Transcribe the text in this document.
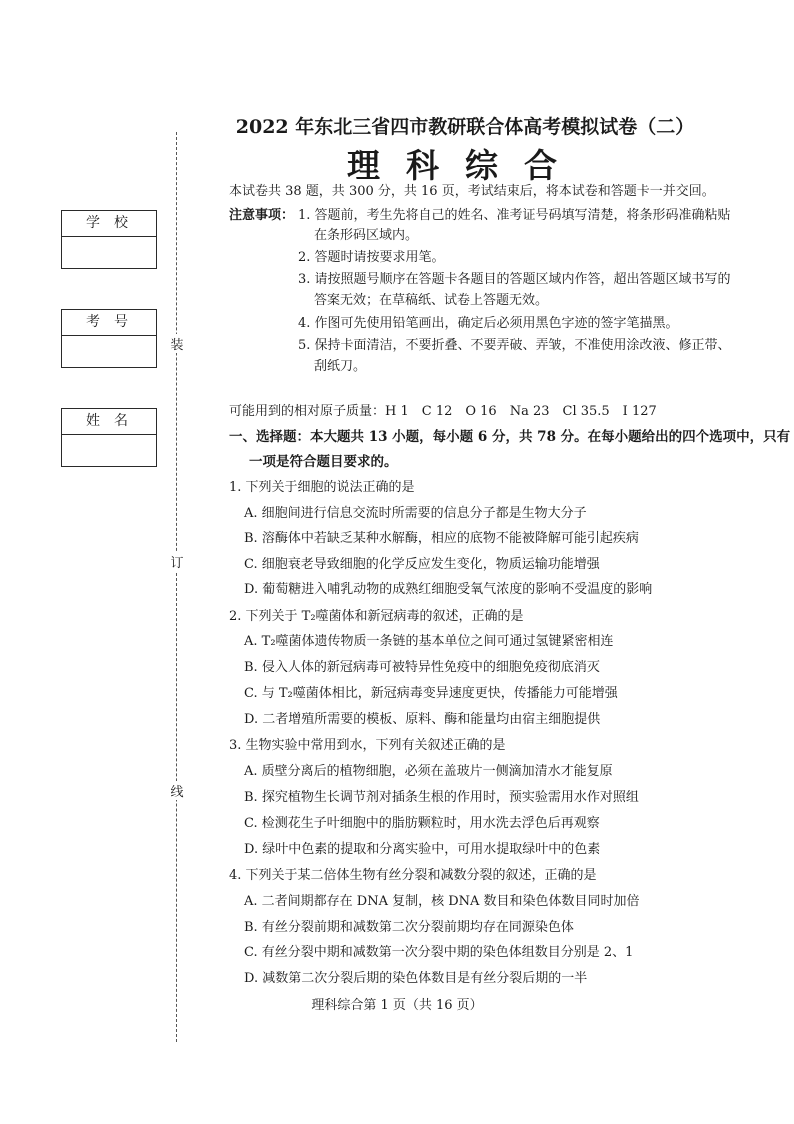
2022 年东北三省四市教研联合体高考模拟试卷（二）
理科综合
本试卷共 38 题，共 300 分，共 16 页，考试结束后，将本试卷和答题卡一并交回。
注意事项： 1. 答题前，考生先将自己的姓名、准考证号码填写清楚，将条形码准确粘贴
在条形码区域内。
2. 答题时请按要求用笔。
3. 请按照题号顺序在答题卡各题目的答题区域内作答，超出答题区域书写的
答案无效；在草稿纸、试卷上答题无效。
4. 作图可先使用铅笔画出，确定后必须用黑色字迹的签字笔描黑。
5. 保持卡面清洁，不要折叠、不要弄破、弄皱，不准使用涂改液、修正带、
刮纸刀。
装
订
线
学校
考号
姓名
可能用到的相对原子质量：H 1　C 12　O 16　Na 23　Cl 35.5　I 127
一、选择题：本大题共 13 小题，每小题 6 分，共 78 分。在每小题给出的四个选项中，只有
一项是符合题目要求的。
1. 下列关于细胞的说法正确的是
A. 细胞间进行信息交流时所需要的信息分子都是生物大分子
B. 溶酶体中若缺乏某种水解酶，相应的底物不能被降解可能引起疾病
C. 细胞衰老导致细胞的化学反应发生变化，物质运输功能增强
D. 葡萄糖进入哺乳动物的成熟红细胞受氧气浓度的影响不受温度的影响
2. 下列关于 T₂噬菌体和新冠病毒的叙述，正确的是
A. T₂噬菌体遗传物质一条链的基本单位之间可通过氢键紧密相连
B. 侵入人体的新冠病毒可被特异性免疫中的细胞免疫彻底消灭
C. 与 T₂噬菌体相比，新冠病毒变异速度更快，传播能力可能增强
D. 二者增殖所需要的模板、原料、酶和能量均由宿主细胞提供
3. 生物实验中常用到水，下列有关叙述正确的是
A. 质壁分离后的植物细胞，必须在盖玻片一侧滴加清水才能复原
B. 探究植物生长调节剂对插条生根的作用时，预实验需用水作对照组
C. 检测花生子叶细胞中的脂肪颗粒时，用水洗去浮色后再观察
D. 绿叶中色素的提取和分离实验中，可用水提取绿叶中的色素
4. 下列关于某二倍体生物有丝分裂和减数分裂的叙述，正确的是
A. 二者间期都存在 DNA 复制，核 DNA 数目和染色体数目同时加倍
B. 有丝分裂前期和减数第二次分裂前期均存在同源染色体
C. 有丝分裂中期和减数第一次分裂中期的染色体组数目分别是 2、1
D. 减数第二次分裂后期的染色体数目是有丝分裂后期的一半
理科综合第 1 页（共 16 页）
